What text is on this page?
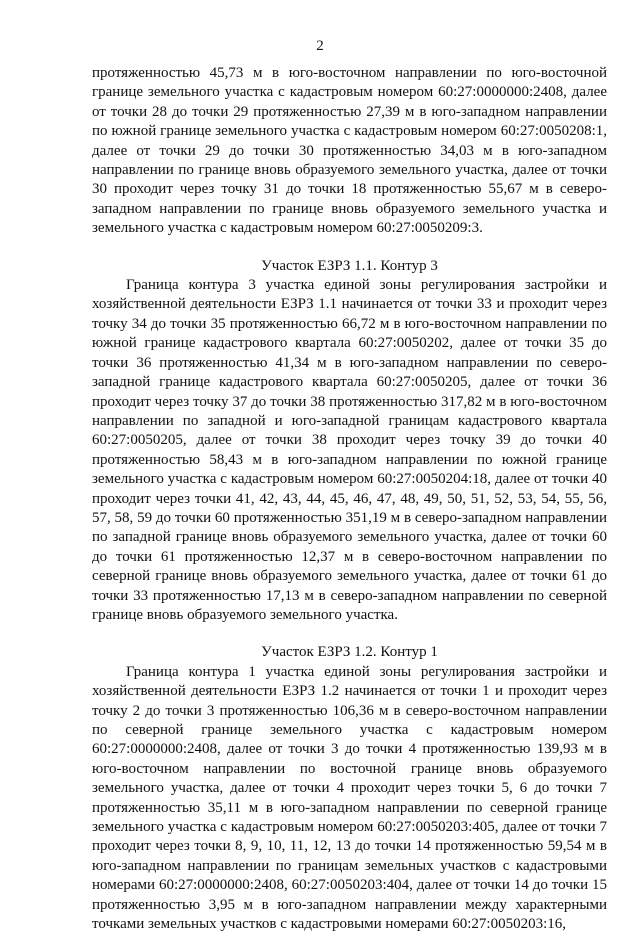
2

протяженностью 45,73 м в юго-восточном направлении по юго-восточной границе земельного участка с кадастровым номером 60:27:0000000:2408, далее от точки 28 до точки 29 протяженностью 27,39 м в юго-западном направлении по южной границе земельного участка с кадастровым номером 60:27:0050208:1, далее от точки 29 до точки 30 протяженностью 34,03 м в юго-западном направлении по границе вновь образуемого земельного участка, далее от точки 30 проходит через точку 31 до точки 18 протяженностью 55,67 м в северо-западном направлении по границе вновь образуемого земельного участка и земельного участка с кадастровым номером 60:27:0050209:3.

Участок ЕЗРЗ 1.1. Контур 3

Граница контура 3 участка единой зоны регулирования застройки и хозяйственной деятельности ЕЗРЗ 1.1 начинается от точки 33 и проходит через точку 34 до точки 35 протяженностью 66,72 м в юго-восточном направлении по южной границе кадастрового квартала 60:27:0050202, далее от точки 35 до точки 36 протяженностью 41,34 м в юго-западном направлении по северо-западной границе кадастрового квартала 60:27:0050205, далее от точки 36 проходит через точку 37 до точки 38 протяженностью 317,82 м в юго-восточном направлении по западной и юго-западной границам кадастрового квартала 60:27:0050205, далее от точки 38 проходит через точку 39 до точки 40 протяженностью 58,43 м в юго-западном направлении по южной границе земельного участка с кадастровым номером 60:27:0050204:18, далее от точки 40 проходит через точки 41, 42, 43, 44, 45, 46, 47, 48, 49, 50, 51, 52, 53, 54, 55, 56, 57, 58, 59 до точки 60 протяженностью 351,19 м в северо-западном направлении по западной границе вновь образуемого земельного участка, далее от точки 60 до точки 61 протяженностью 12,37 м в северо-восточном направлении по северной границе вновь образуемого земельного участка, далее от точки 61 до точки 33 протяженностью 17,13 м в северо-западном направлении по северной границе вновь образуемого земельного участка.

Участок ЕЗРЗ 1.2. Контур 1

Граница контура 1 участка единой зоны регулирования застройки и хозяйственной деятельности ЕЗРЗ 1.2 начинается от точки 1 и проходит через точку 2 до точки 3 протяженностью 106,36 м в северо-восточном направлении по северной границе земельного участка с кадастровым номером 60:27:0000000:2408, далее от точки 3 до точки 4 протяженностью 139,93 м в юго-восточном направлении по восточной границе вновь образуемого земельного участка, далее от точки 4 проходит через точки 5, 6 до точки 7 протяженностью 35,11 м в юго-западном направлении по северной границе земельного участка с кадастровым номером 60:27:0050203:405, далее от точки 7 проходит через точки 8, 9, 10, 11, 12, 13 до точки 14 протяженностью 59,54 м в юго-западном направлении по границам земельных участков с кадастровыми номерами 60:27:0000000:2408, 60:27:0050203:404, далее от точки 14 до точки 15 протяженностью 3,95 м в юго-западном направлении между характерными точками земельных участков с кадастровыми номерами 60:27:0050203:16,
